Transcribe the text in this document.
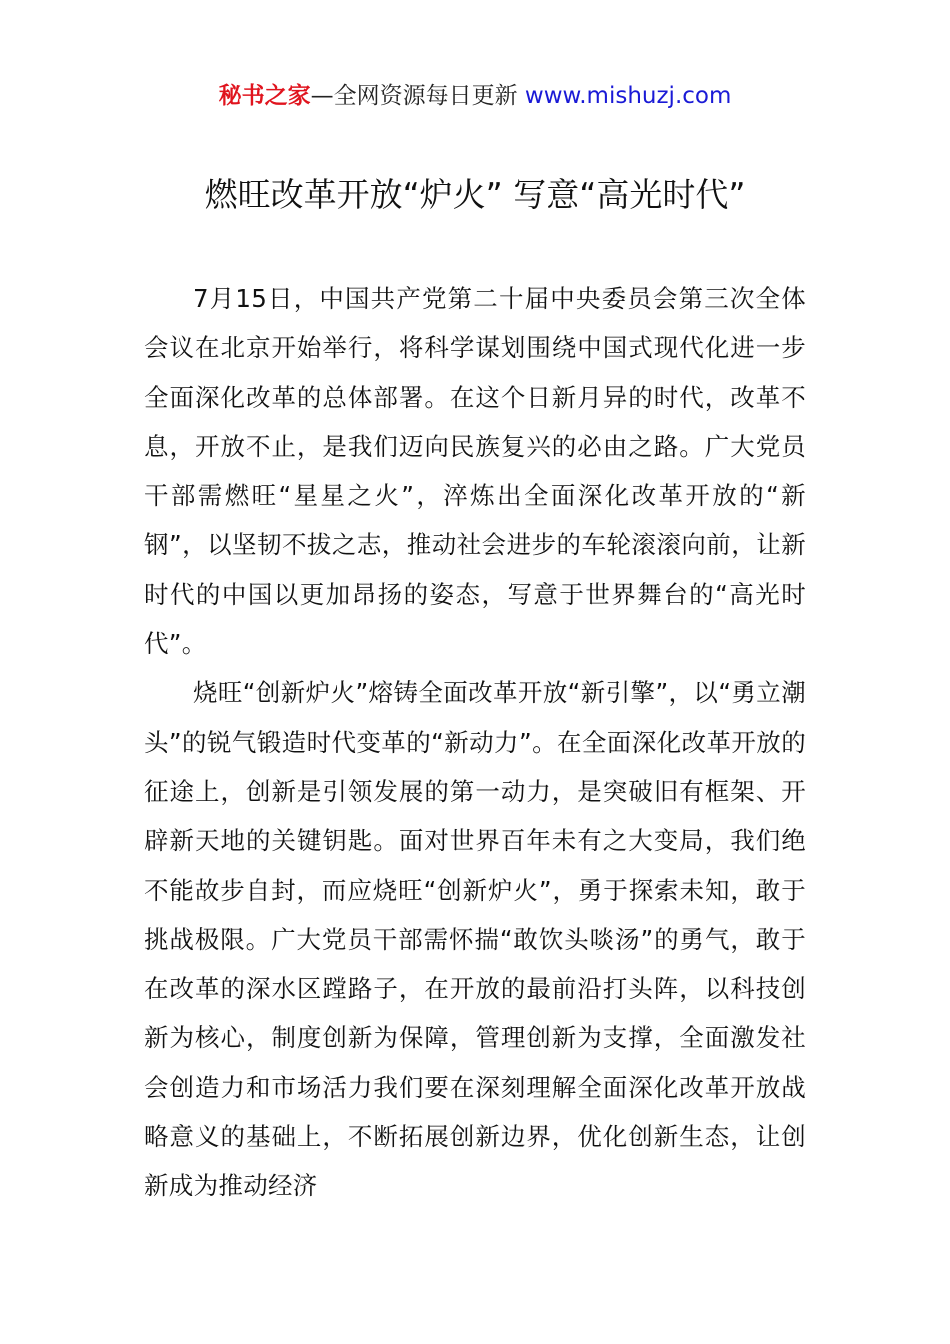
秘书之家—全网资源每日更新 www.mishuzj.com
燃旺改革开放“炉火” 写意“高光时代”

7月15日，中国共产党第二十届中央委员会第三次全体会议在北京开始举行，将科学谋划围绕中国式现代化进一步全面深化改革的总体部署。在这个日新月异的时代，改革不息，开放不止，是我们迈向民族复兴的必由之路。广大党员干部需燃旺“星星之火”，淬炼出全面深化改革开放的“新钢”，以坚韧不拔之志，推动社会进步的车轮滚滚向前，让新时代的中国以更加昂扬的姿态，写意于世界舞台的“高光时代”。

烧旺“创新炉火”熔铸全面改革开放“新引擎”，以“勇立潮头”的锐气锻造时代变革的“新动力”。在全面深化改革开放的征途上，创新是引领发展的第一动力，是突破旧有框架、开辟新天地的关键钥匙。面对世界百年未有之大变局，我们绝不能故步自封，而应烧旺“创新炉火”，勇于探索未知，敢于挑战极限。广大党员干部需怀揣“敢饮头啖汤”的勇气，敢于在改革的深水区蹚路子，在开放的最前沿打头阵，以科技创新为核心，制度创新为保障，管理创新为支撑，全面激发社会创造力和市场活力我们要在深刻理解全面深化改革开放战略意义的基础上，不断拓展创新边界，优化创新生态，让创新成为推动经济
